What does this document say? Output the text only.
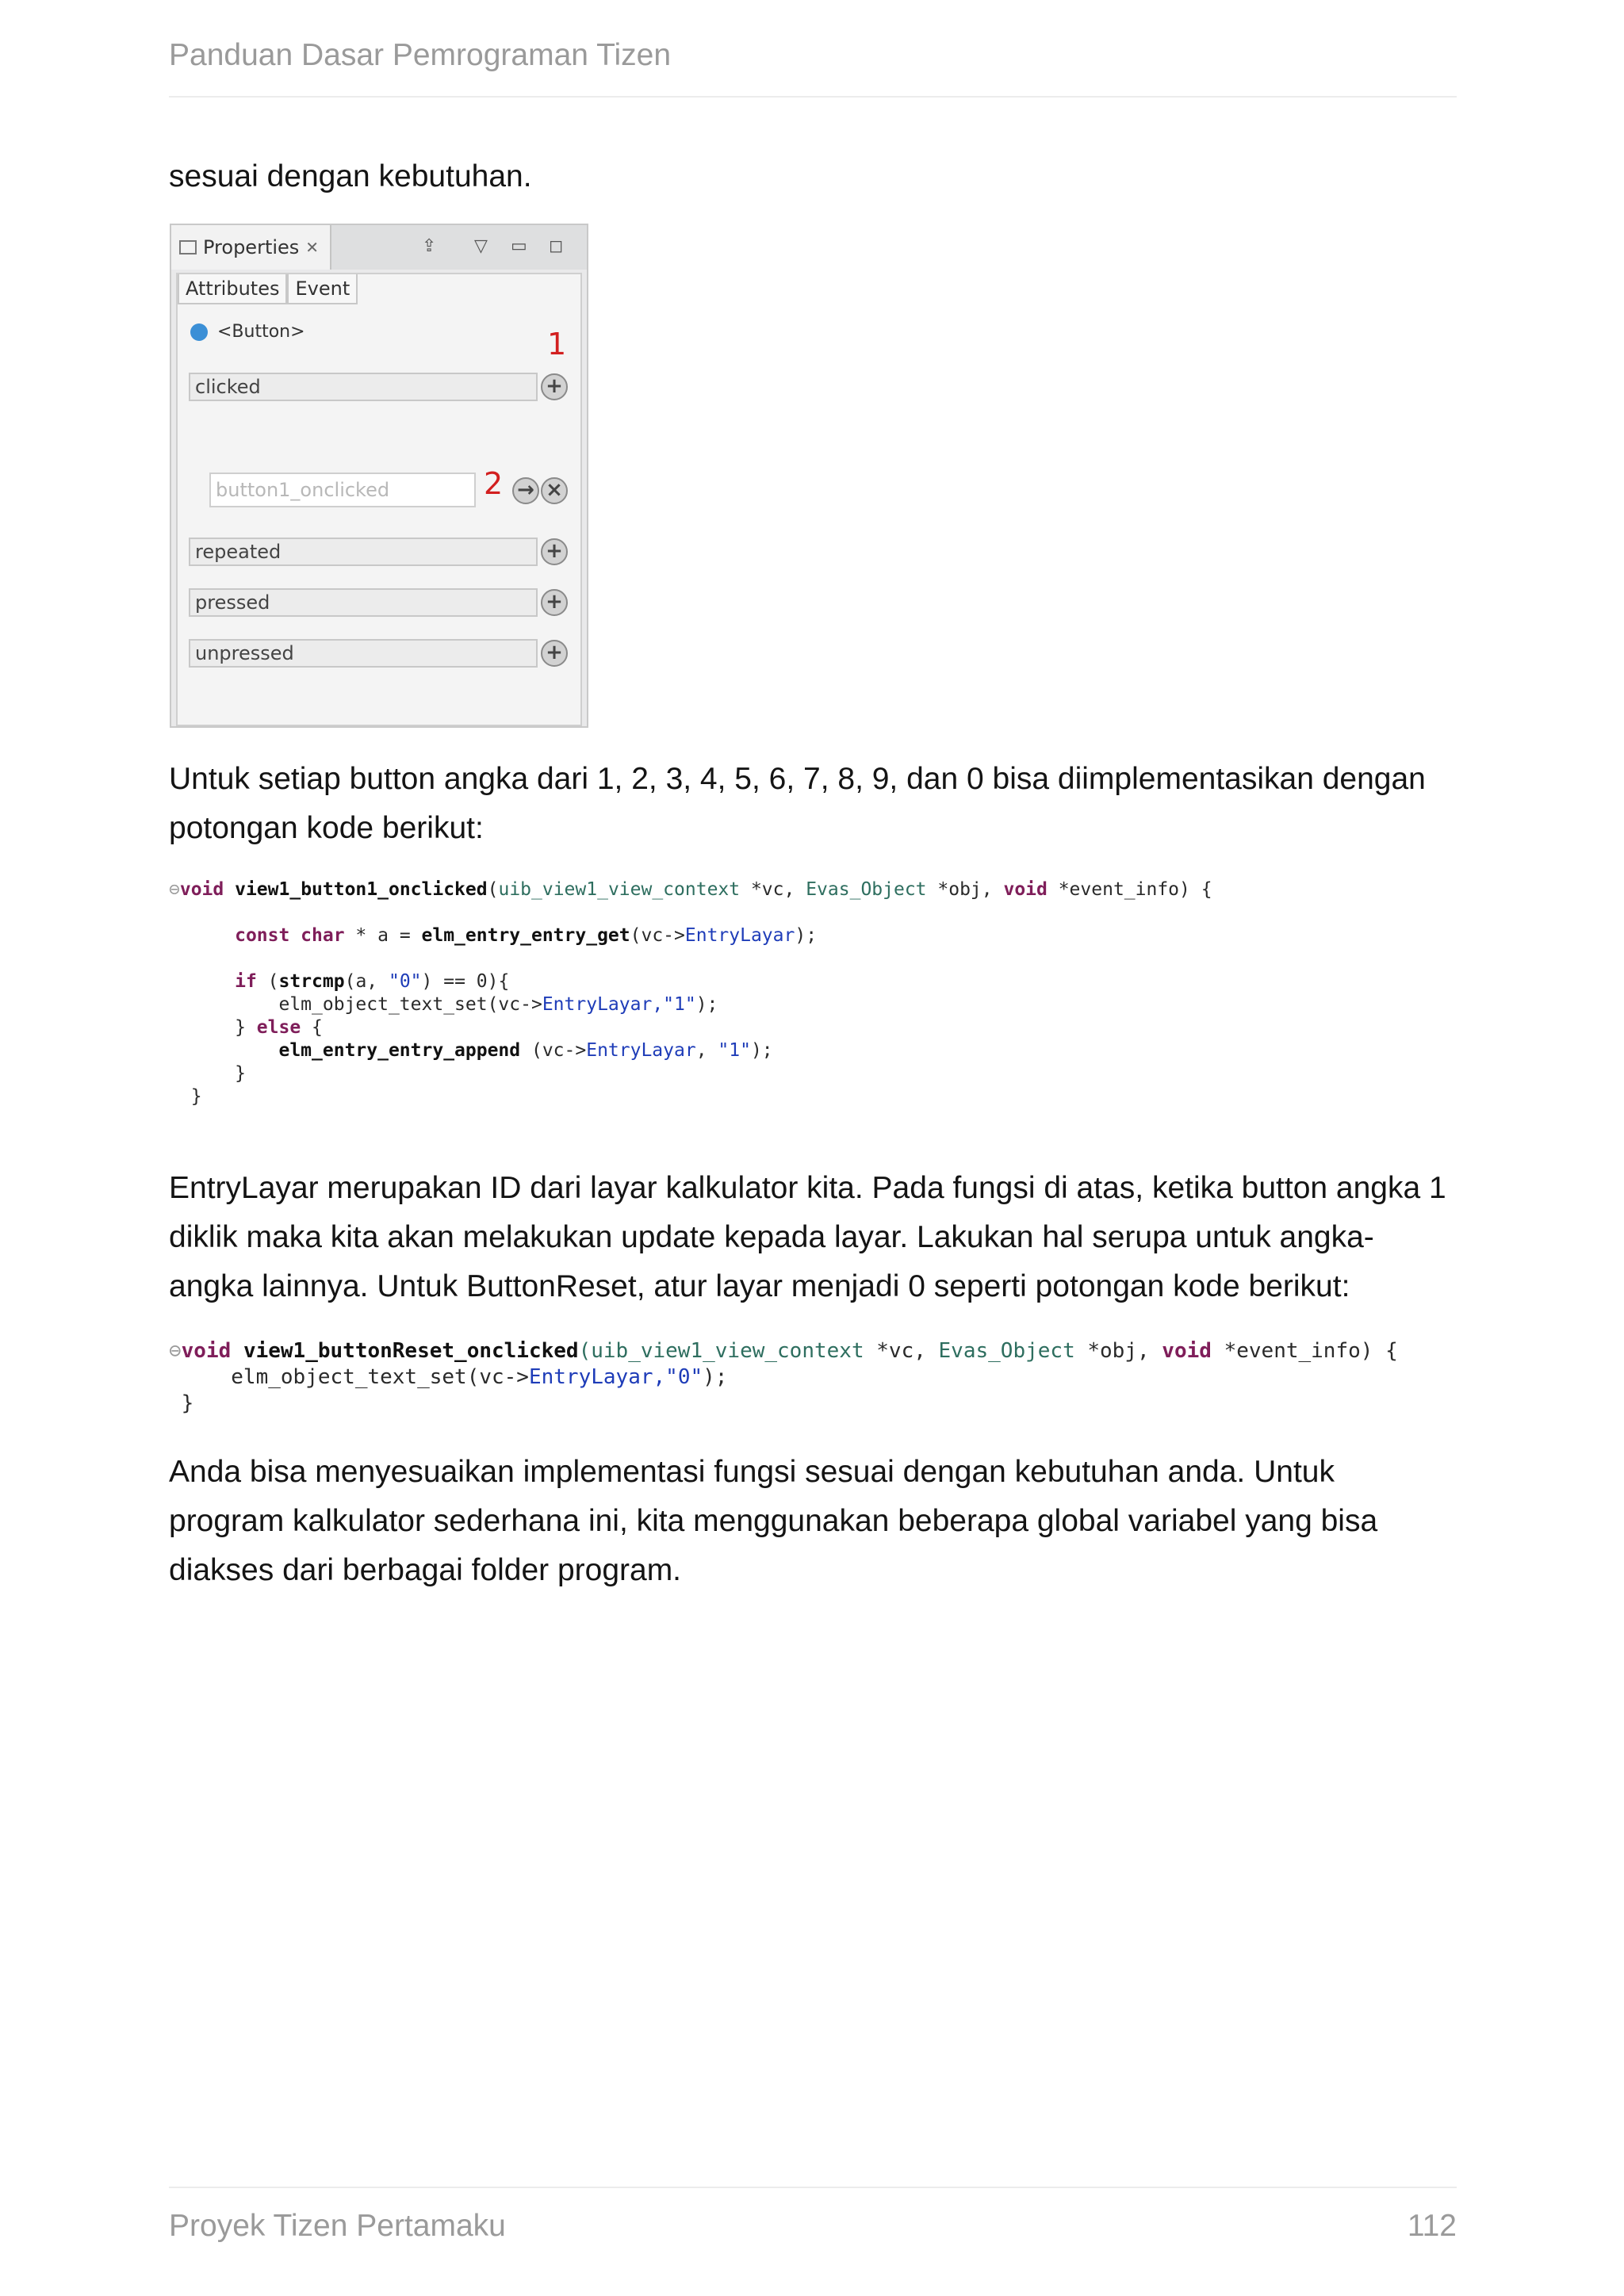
Panduan Dasar Pemrograman Tizen
sesuai dengan kebutuhan.
Properties ✕	⇪ ▽ ▭ ◻
Attributes Event
<Button>	1
clicked	+
button1_onclicked	2 → ×
repeated	+
pressed	+
unpressed	+
Untuk setiap button angka dari 1, 2, 3, 4, 5, 6, 7, 8, 9, dan 0 bisa diimplementasikan dengan potongan kode berikut:
⊖void view1_button1_onclicked(uib_view1_view_context *vc, Evas_Object *obj, void *event_info) {

const char * a = elm_entry_entry_get(vc->EntryLayar);

if (strcmp(a, "0") == 0){
elm_object_text_set(vc->EntryLayar,"1");
} else {
elm_entry_entry_append (vc->EntryLayar, "1");
}
}
EntryLayar merupakan ID dari layar kalkulator kita. Pada fungsi di atas, ketika button angka 1 diklik maka kita akan melakukan update kepada layar. Lakukan hal serupa untuk angka-angka lainnya. Untuk ButtonReset, atur layar menjadi 0 seperti potongan kode berikut:
⊖void view1_buttonReset_onclicked(uib_view1_view_context *vc, Evas_Object *obj, void *event_info) {
elm_object_text_set(vc->EntryLayar,"0");
}
Anda bisa menyesuaikan implementasi fungsi sesuai dengan kebutuhan anda. Untuk program kalkulator sederhana ini, kita menggunakan beberapa global variabel yang bisa diakses dari berbagai folder program.
Proyek Tizen Pertamaku	112
